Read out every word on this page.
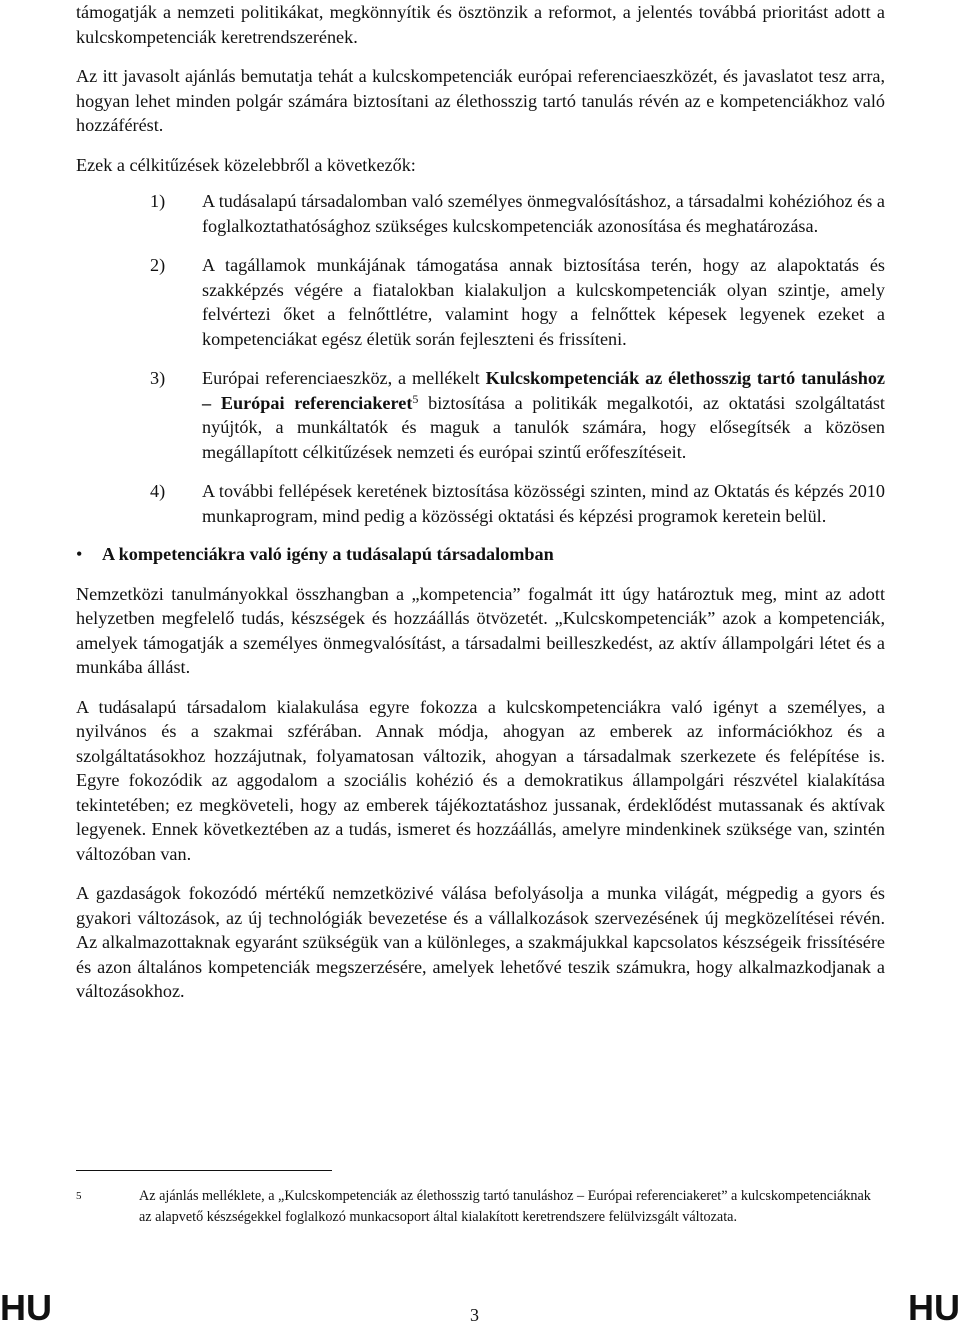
támogatják a nemzeti politikákat, megkönnyítik és ösztönzik a reformot, a jelentés továbbá prioritást adott a kulcskompetenciák keretrendszerének.

Az itt javasolt ajánlás bemutatja tehát a kulcskompetenciák európai referenciaeszközét, és javaslatot tesz arra, hogyan lehet minden polgár számára biztosítani az élethosszig tartó tanulás révén az e kompetenciákhoz való hozzáférést.

Ezek a célkitűzések közelebbről a következők:

1) A tudásalapú társadalomban való személyes önmegvalósításhoz, a társadalmi kohézióhoz és a foglalkoztathatósághoz szükséges kulcskompetenciák azonosítása és meghatározása.
2) A tagállamok munkájának támogatása annak biztosítása terén, hogy az alapoktatás és szakképzés végére a fiatalokban kialakuljon a kulcskompetenciák olyan szintje, amely felvértezi őket a felnőttlétre, valamint hogy a felnőttek képesek legyenek ezeket a kompetenciákat egész életük során fejleszteni és frissíteni.
3) Európai referenciaeszköz, a mellékelt Kulcskompetenciák az élethosszig tartó tanuláshoz – Európai referenciakeret$^5$ biztosítása a politikák megalkotói, az oktatási szolgáltatást nyújtók, a munkáltatók és maguk a tanulók számára, hogy elősegítsék a közösen megállapított célkitűzések nemzeti és európai szintű erőfeszítéseit.
4) A további fellépések keretének biztosítása közösségi szinten, mind az Oktatás és képzés 2010 munkaprogram, mind pedig a közösségi oktatási és képzési programok keretein belül.
• A kompetenciákra való igény a tudásalapú társadalomban

Nemzetközi tanulmányokkal összhangban a „kompetencia” fogalmát itt úgy határoztuk meg, mint az adott helyzetben megfelelő tudás, készségek és hozzáállás ötvözetét. „Kulcskompetenciák” azok a kompetenciák, amelyek támogatják a személyes önmegvalósítást, a társadalmi beilleszkedést, az aktív állampolgári létet és a munkába állást.

A tudásalapú társadalom kialakulása egyre fokozza a kulcskompetenciákra való igényt a személyes, a nyilvános és a szakmai szférában. Annak módja, ahogyan az emberek az információkhoz és a szolgáltatásokhoz hozzájutnak, folyamatosan változik, ahogyan a társadalmak szerkezete és felépítése is. Egyre fokozódik az aggodalom a szociális kohézió és a demokratikus állampolgári részvétel kialakítása tekintetében; ez megköveteli, hogy az emberek tájékoztatáshoz jussanak, érdeklődést mutassanak és aktívak legyenek. Ennek következtében az a tudás, ismeret és hozzáállás, amelyre mindenkinek szüksége van, szintén változóban van.

A gazdaságok fokozódó mértékű nemzetközivé válása befolyásolja a munka világát, mégpedig a gyors és gyakori változások, az új technológiák bevezetése és a vállalkozások szervezésének új megközelítései révén. Az alkalmazottaknak egyaránt szükségük van a különleges, a szakmájukkal kapcsolatos készségeik frissítésére és azon általános kompetenciák megszerzésére, amelyek lehetővé teszik számukra, hogy alkalmazkodjanak a változásokhoz.

5	Az ajánlás melléklete, a „Kulcskompetenciák az élethosszig tartó tanuláshoz – Európai referenciakeret” a kulcskompetenciáknak az alapvető készségekkel foglalkozó munkacsoport által kialakított keretrendszere felülvizsgált változata.
HU	3	HU
